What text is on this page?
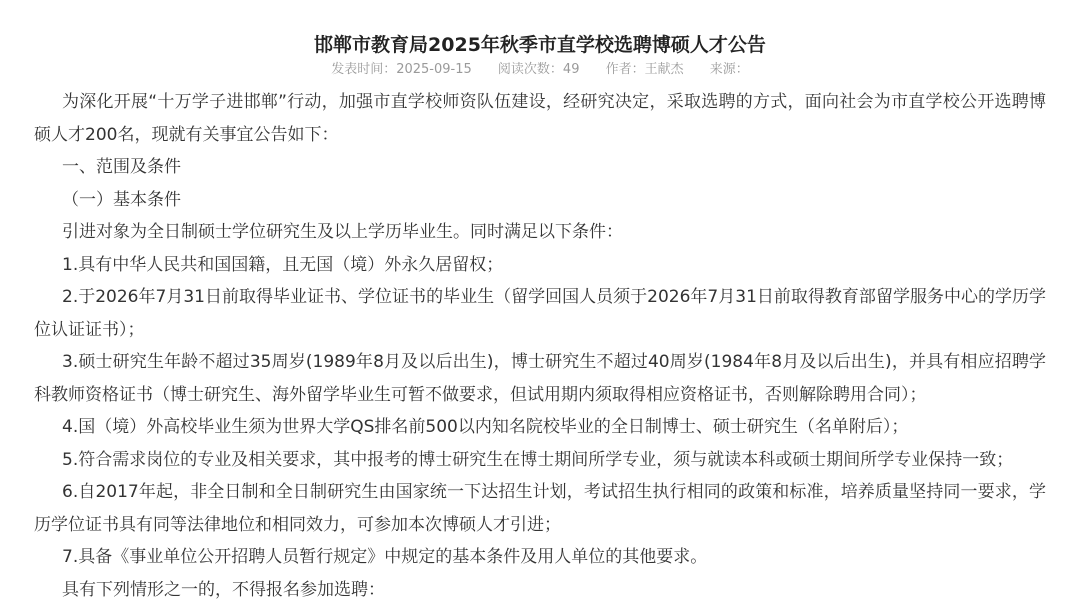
邯郸市教育局2025年秋季市直学校选聘博硕人才公告
发表时间：2025-09-15 阅读次数：49 作者：王献杰 来源：

为深化开展“十万学子进邯郸”行动，加强市直学校师资队伍建设，经研究决定，采取选聘的方式，面向社会为市直学校公开选聘博硕人才200名，现就有关事宜公告如下：

一、范围及条件

（一）基本条件

引进对象为全日制硕士学位研究生及以上学历毕业生。同时满足以下条件：

1.具有中华人民共和国国籍，且无国（境）外永久居留权；

2.于2026年7月31日前取得毕业证书、学位证书的毕业生（留学回国人员须于2026年7月31日前取得教育部留学服务中心的学历学位认证证书）；

3.硕士研究生年龄不超过35周岁(1989年8月及以后出生)，博士研究生不超过40周岁(1984年8月及以后出生)，并具有相应招聘学科教师资格证书（博士研究生、海外留学毕业生可暂不做要求，但试用期内须取得相应资格证书，否则解除聘用合同）；

4.国（境）外高校毕业生须为世界大学QS排名前500以内知名院校毕业的全日制博士、硕士研究生（名单附后）；

5.符合需求岗位的专业及相关要求，其中报考的博士研究生在博士期间所学专业，须与就读本科或硕士期间所学专业保持一致；

6.自2017年起，非全日制和全日制研究生由国家统一下达招生计划，考试招生执行相同的政策和标准，培养质量坚持同一要求，学历学位证书具有同等法律地位和相同效力，可参加本次博硕人才引进；

7.具备《事业单位公开招聘人员暂行规定》中规定的基本条件及用人单位的其他要求。

具有下列情形之一的，不得报名参加选聘：
